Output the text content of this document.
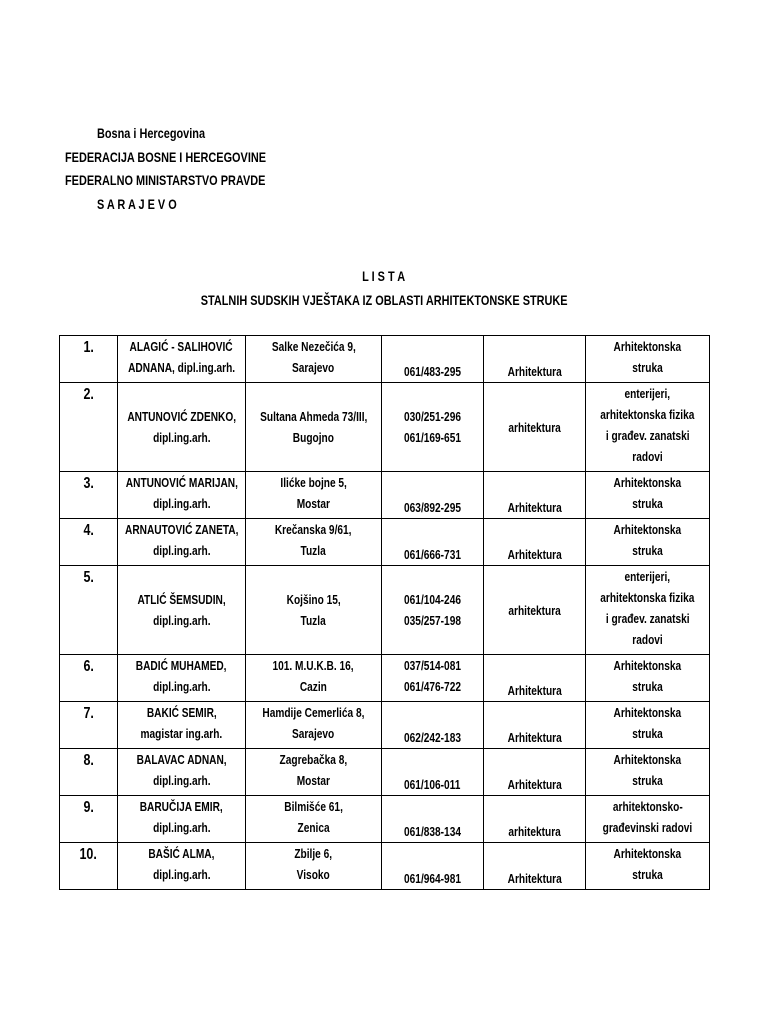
Bosna i Hercegovina
FEDERACIJA BOSNE I HERCEGOVINE
FEDERALNO MINISTARSTVO PRAVDE
S A R A J E V O
L I S T A
STALNIH SUDSKIH VJEŠTAKA IZ OBLASTI ARHITEKTONSKE STRUKE
1.	ALAGIĆ - SALIHOVIĆ
ADNANA, dipl.ing.arh.	Salke Nezečića 9,
Sarajevo	061/483-295	Arhitektura	Arhitektonska
struka

2.	ANTUNOVIĆ ZDENKO,
dipl.ing.arh.	Sultana Ahmeda 73/III,
Bugojno	030/251-296
061/169-651	arhitektura	enterijeri,
arhitektonska fizika
i građev. zanatski
radovi

3.	ANTUNOVIĆ MARIJAN,
dipl.ing.arh.	Ilićke bojne 5,
Mostar	063/892-295	Arhitektura	Arhitektonska
struka

4.	ARNAUTOVIĆ ZANETA,
dipl.ing.arh.	Krečanska 9/61,
Tuzla	061/666-731	Arhitektura	Arhitektonska
struka

5.	ATLIĆ ŠEMSUDIN,
dipl.ing.arh.	Kojšino 15,
Tuzla	061/104-246
035/257-198	arhitektura	enterijeri,
arhitektonska fizika
i građev. zanatski
radovi

6.	BADIĆ MUHAMED,
dipl.ing.arh.	101. M.U.K.B. 16,
Cazin	037/514-081
061/476-722	Arhitektura	Arhitektonska
struka

7.	BAKIĆ SEMIR,
magistar ing.arh.	Hamdije Cemerlića 8,
Sarajevo	062/242-183	Arhitektura	Arhitektonska
struka

8.	BALAVAC ADNAN,
dipl.ing.arh.	Zagrebačka 8,
Mostar	061/106-011	Arhitektura	Arhitektonska
struka

9.	BARUČIJA EMIR,
dipl.ing.arh.	Bilmišće 61,
Zenica	061/838-134	arhitektura	arhitektonsko-
građevinski radovi

10.	BAŠIĆ ALMA,
dipl.ing.arh.	Zbilje 6,
Visoko	061/964-981	Arhitektura	Arhitektonska
struka
